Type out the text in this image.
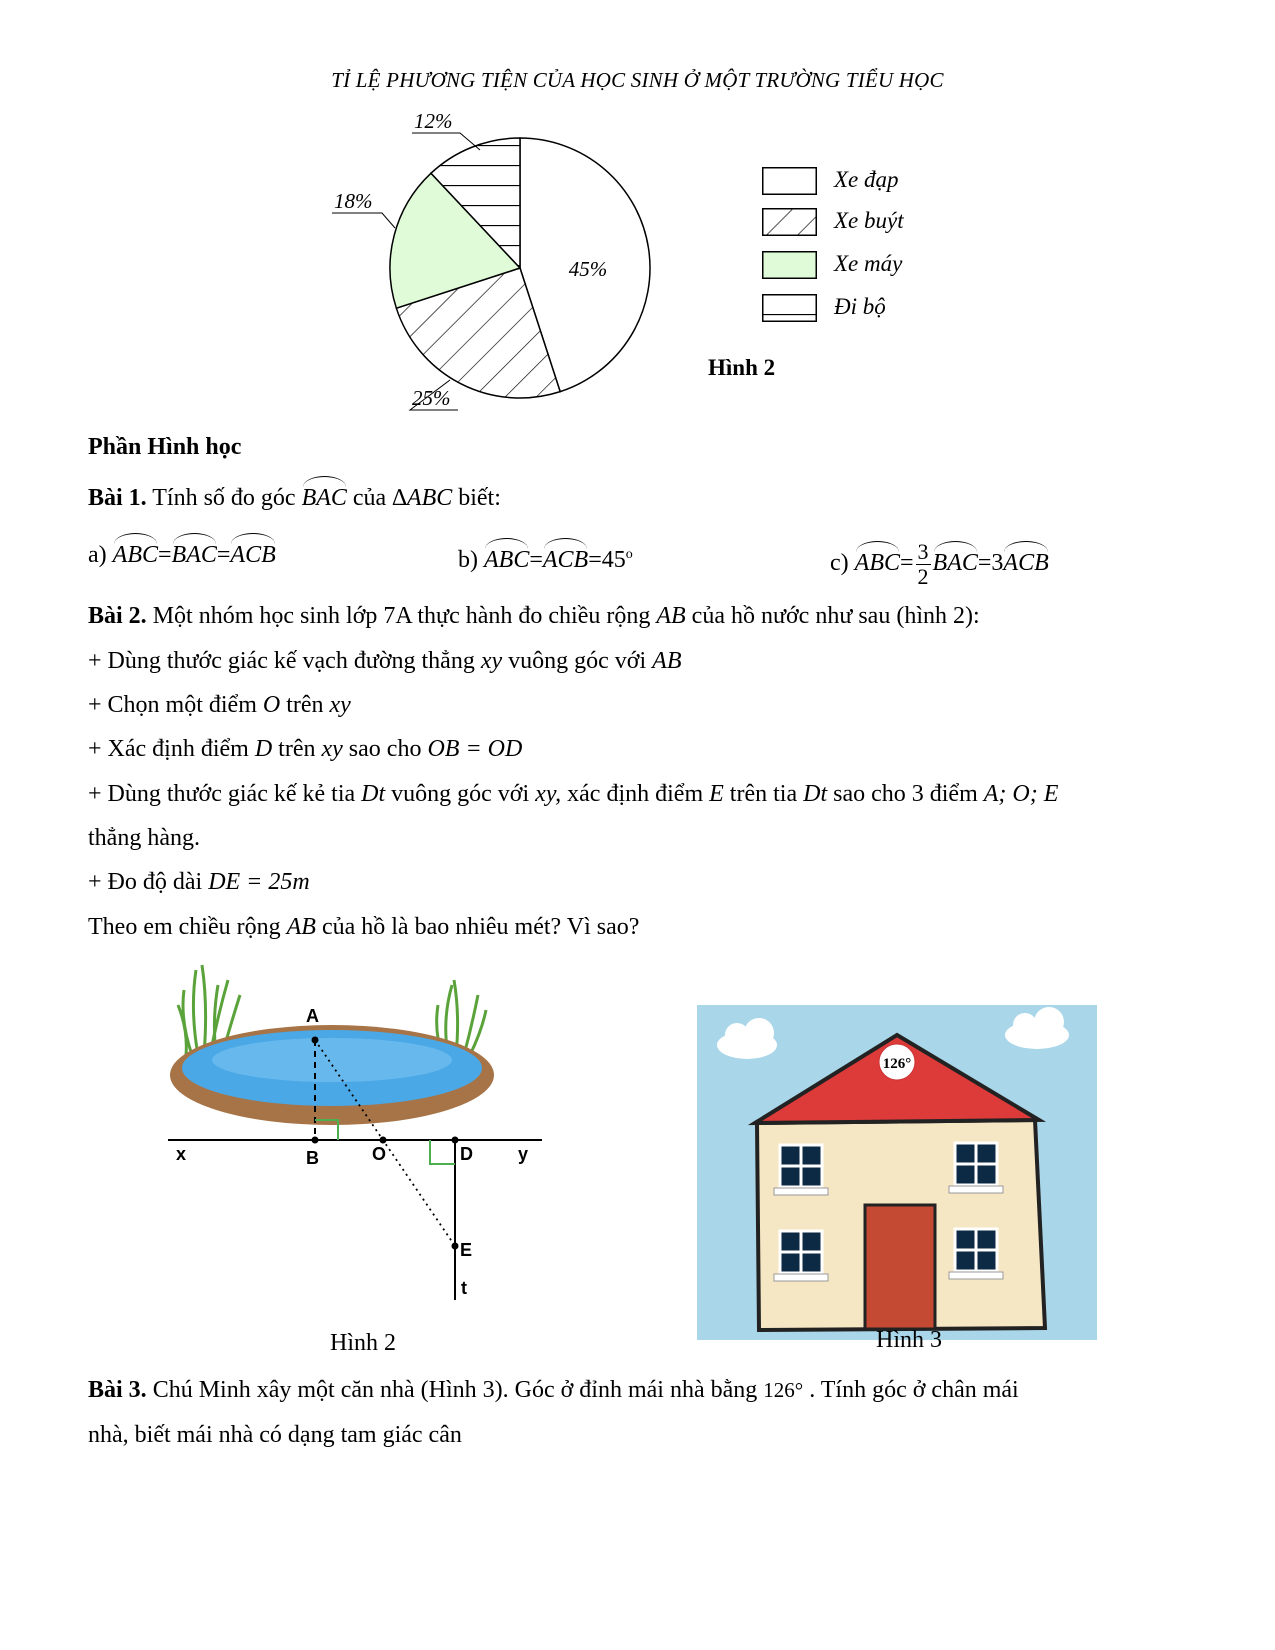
TỈ LỆ PHƯƠNG TIỆN CỦA HỌC SINH Ở MỘT TRƯỜNG TIỂU HỌC
45%
25%
18%
12%
Xe đạp
Xe buýt
Xe máy
Đi bộ
Hình 2
Phần Hình học
Bài 1. Tính số đo góc BAC của ∆ABC biết:
a) ABC=BAC=ACB	b) $ABC=ACB=45^o$	c) $ABC= \frac{3}{2} BAC=3ACB$
Bài 2. Một nhóm học sinh lớp 7A thực hành đo chiều rộng AB của hồ nước như sau (hình 2):
+ Dùng thước giác kế vạch đường thẳng xy vuông góc với AB
+ Chọn một điểm O trên xy
+ Xác định điểm D trên xy sao cho OB = OD
+ Dùng thước giác kế kẻ tia Dt vuông góc với xy, xác định điểm E trên tia Dt sao cho 3 điểm A; O; E
thẳng hàng.
+ Đo độ dài DE = 25m
Theo em chiều rộng AB của hồ là bao nhiêu mét? Vì sao?
A
B	O	D
E
t
x	y
126°
Hình 2	Hình 3
Bài 3. Chú Minh xây một căn nhà (Hình 3). Góc ở đỉnh mái nhà bằng 126° . Tính góc ở chân mái
nhà, biết mái nhà có dạng tam giác cân
